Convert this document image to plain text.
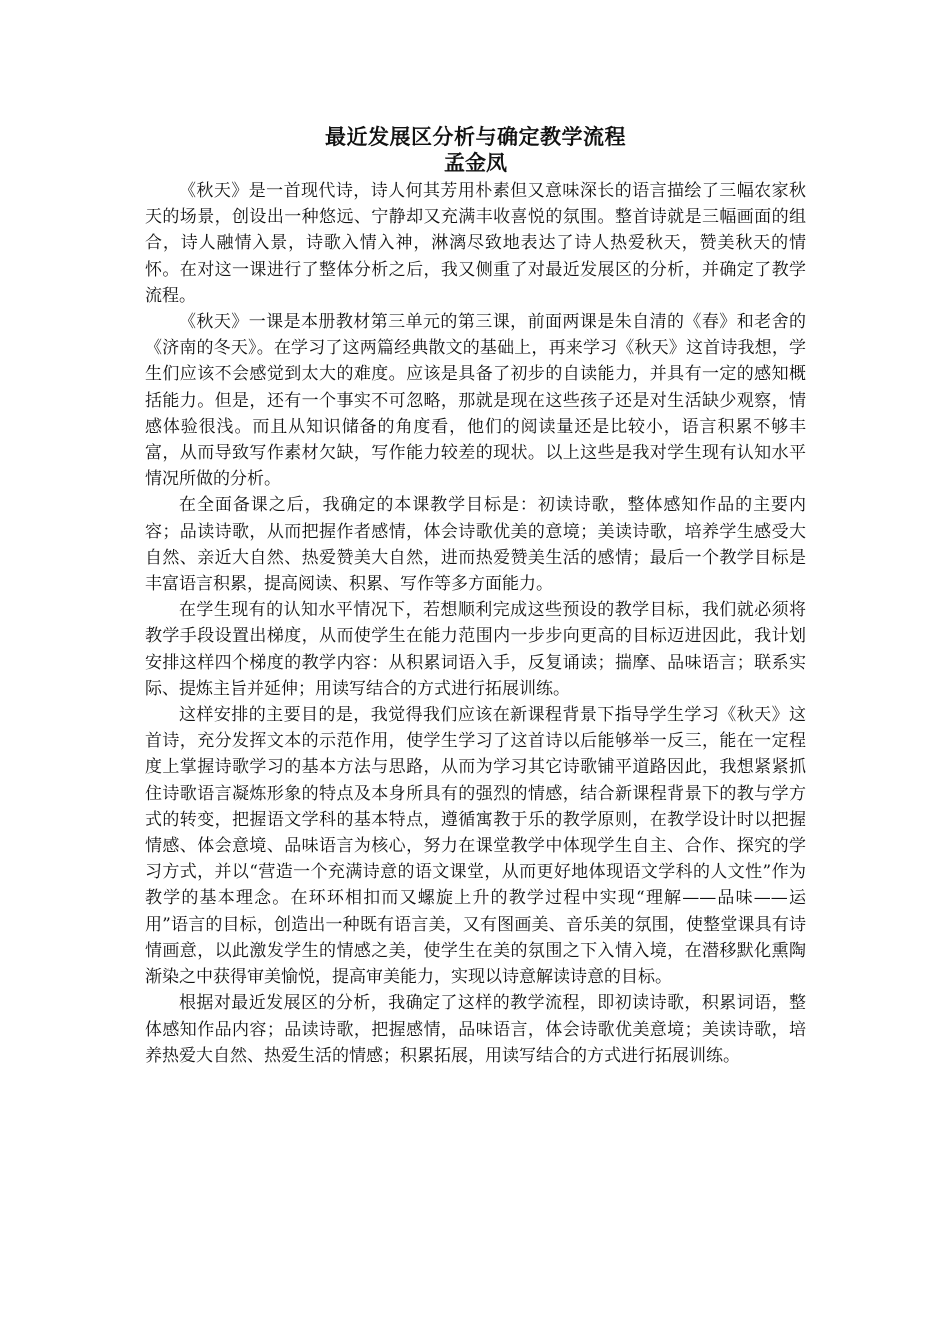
最近发展区分析与确定教学流程
孟金凤

《秋天》是一首现代诗，诗人何其芳用朴素但又意味深长的语言描绘了三幅农家秋天的场景，创设出一种悠远、宁静却又充满丰收喜悦的氛围。整首诗就是三幅画面的组合，诗人融情入景，诗歌入情入神，淋漓尽致地表达了诗人热爱秋天，赞美秋天的情怀。在对这一课进行了整体分析之后，我又侧重了对最近发展区的分析，并确定了教学流程。

《秋天》一课是本册教材第三单元的第三课，前面两课是朱自清的《春》和老舍的《济南的冬天》。在学习了这两篇经典散文的基础上，再来学习《秋天》这首诗我想，学生们应该不会感觉到太大的难度。应该是具备了初步的自读能力，并具有一定的感知概括能力。但是，还有一个事实不可忽略，那就是现在这些孩子还是对生活缺少观察，情感体验很浅。而且从知识储备的角度看，他们的阅读量还是比较小，语言积累不够丰富，从而导致写作素材欠缺，写作能力较差的现状。以上这些是我对学生现有认知水平情况所做的分析。

在全面备课之后，我确定的本课教学目标是：初读诗歌，整体感知作品的主要内容；品读诗歌，从而把握作者感情，体会诗歌优美的意境；美读诗歌，培养学生感受大自然、亲近大自然、热爱赞美大自然，进而热爱赞美生活的感情；最后一个教学目标是丰富语言积累，提高阅读、积累、写作等多方面能力。

在学生现有的认知水平情况下，若想顺利完成这些预设的教学目标，我们就必须将教学手段设置出梯度，从而使学生在能力范围内一步步向更高的目标迈进因此，我计划安排这样四个梯度的教学内容：从积累词语入手，反复诵读；揣摩、品味语言；联系实际、提炼主旨并延伸；用读写结合的方式进行拓展训练。

这样安排的主要目的是，我觉得我们应该在新课程背景下指导学生学习《秋天》这首诗，充分发挥文本的示范作用，使学生学习了这首诗以后能够举一反三，能在一定程度上掌握诗歌学习的基本方法与思路，从而为学习其它诗歌铺平道路因此，我想紧紧抓住诗歌语言凝炼形象的特点及本身所具有的强烈的情感，结合新课程背景下的教与学方式的转变，把握语文学科的基本特点，遵循寓教于乐的教学原则，在教学设计时以把握情感、体会意境、品味语言为核心，努力在课堂教学中体现学生自主、合作、探究的学习方式，并以“营造一个充满诗意的语文课堂，从而更好地体现语文学科的人文性”作为教学的基本理念。在环环相扣而又螺旋上升的教学过程中实现“理解——品味——运用”语言的目标，创造出一种既有语言美，又有图画美、音乐美的氛围，使整堂课具有诗情画意，以此激发学生的情感之美，使学生在美的氛围之下入情入境，在潜移默化熏陶渐染之中获得审美愉悦，提高审美能力，实现以诗意解读诗意的目标。

根据对最近发展区的分析，我确定了这样的教学流程，即初读诗歌，积累词语，整体感知作品内容；品读诗歌，把握感情，品味语言，体会诗歌优美意境；美读诗歌，培养热爱大自然、热爱生活的情感；积累拓展，用读写结合的方式进行拓展训练。
